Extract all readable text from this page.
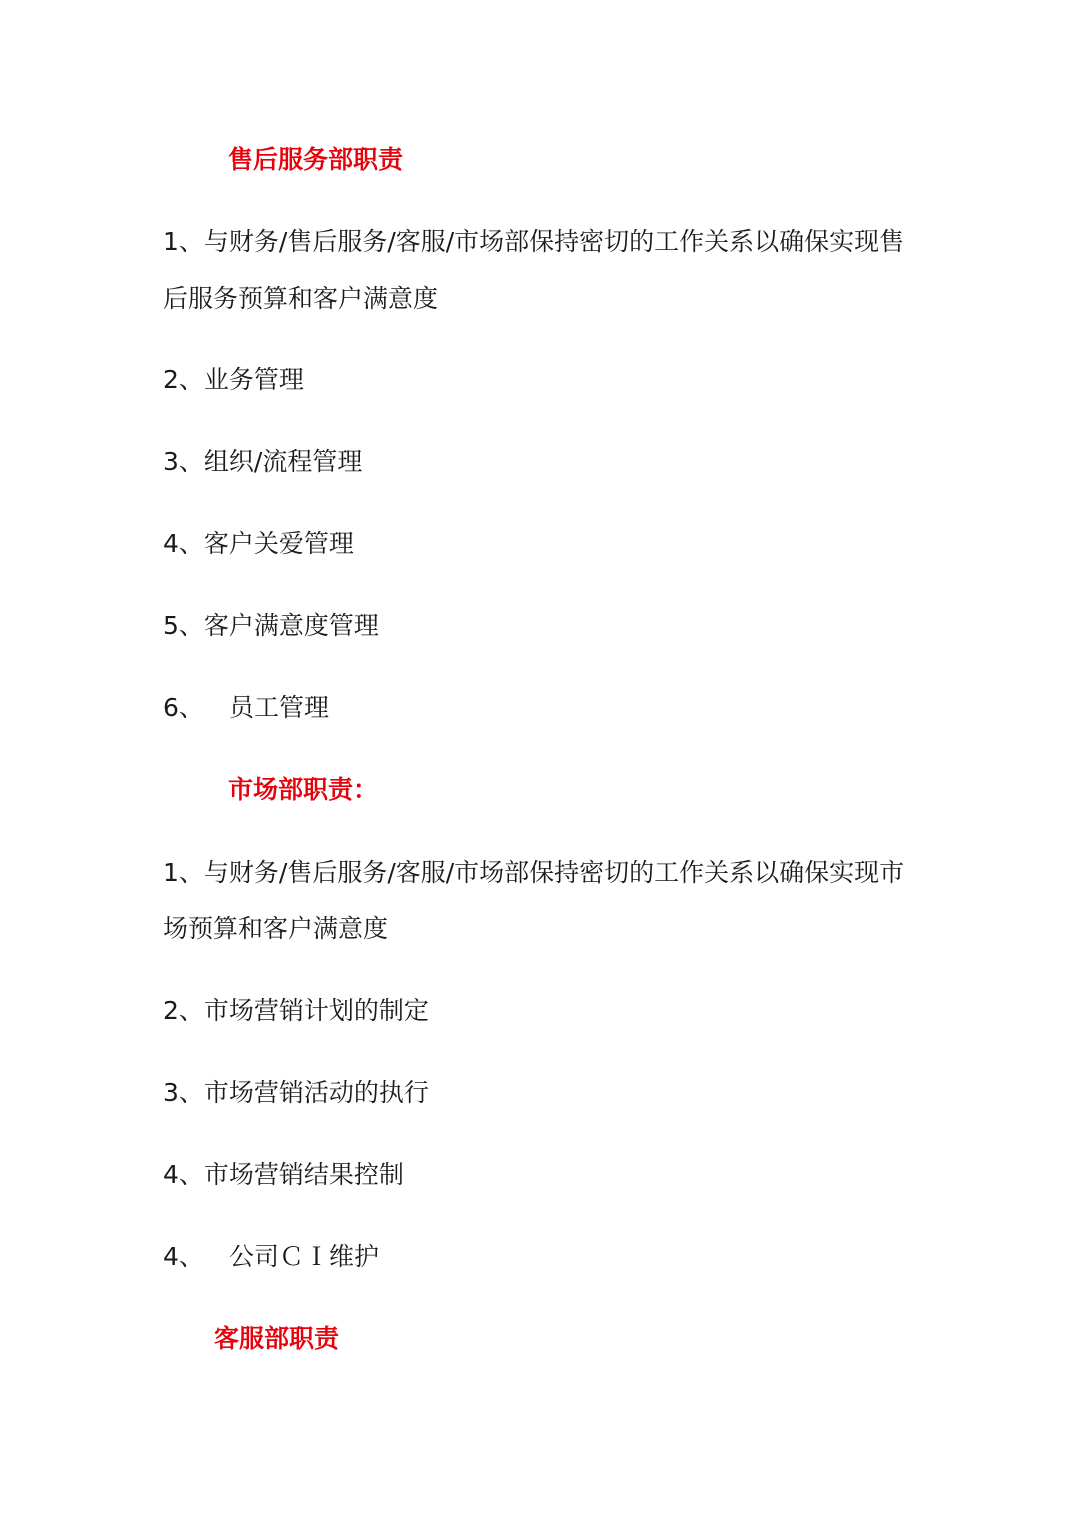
售后服务部职责
1、与财务/售后服务/客服/市场部保持密切的工作关系以确保实现售
后服务预算和客户满意度
2、业务管理
3、组织/流程管理
4、客户关爱管理
5、客户满意度管理
6、 员工管理
市场部职责：
1、与财务/售后服务/客服/市场部保持密切的工作关系以确保实现市
场预算和客户满意度
2、市场营销计划的制定
3、市场营销活动的执行
4、市场营销结果控制
4、 公司ＣＩ维护
客服部职责
